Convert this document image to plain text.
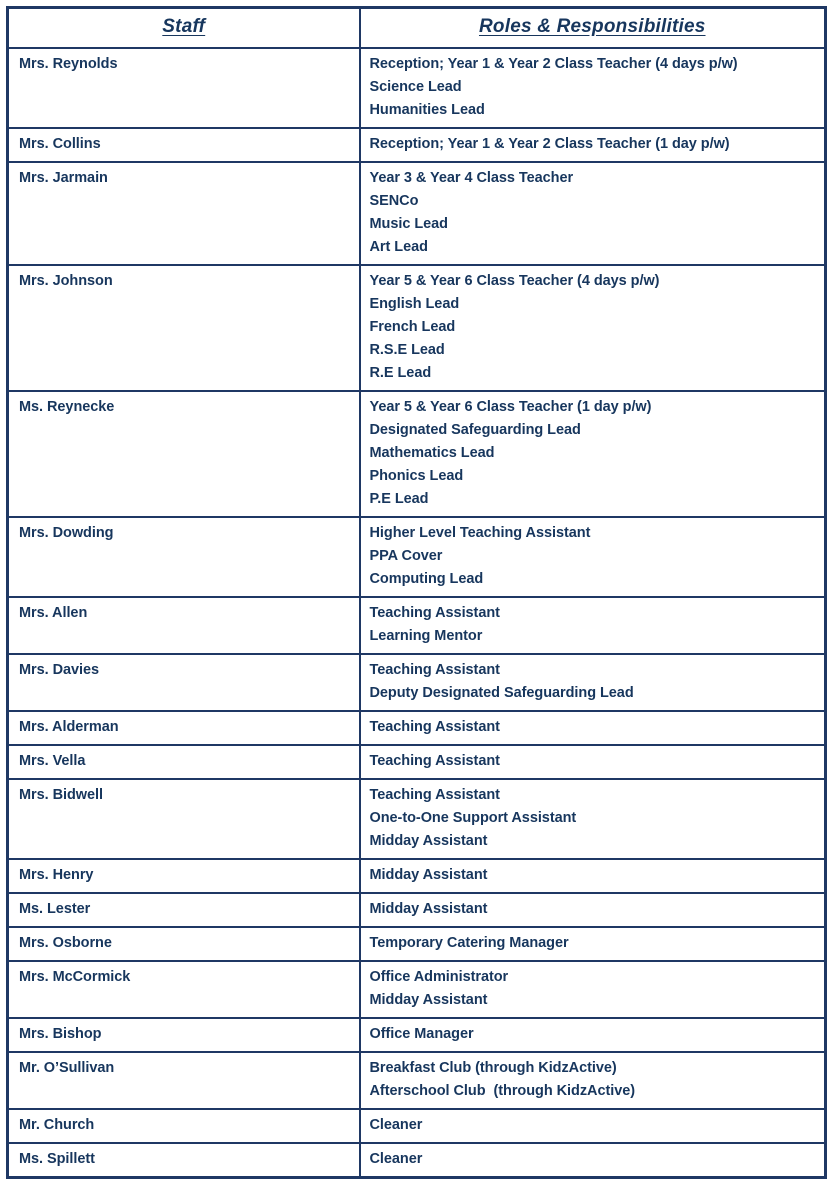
Staff	Roles & Responsibilities

Mrs. Reynolds	Reception; Year 1 & Year 2 Class Teacher (4 days p/w)
Science Lead
Humanities Lead

Mrs. Collins	Reception; Year 1 & Year 2 Class Teacher (1 day p/w)

Mrs. Jarmain	Year 3 & Year 4 Class Teacher
SENCo
Music Lead
Art Lead

Mrs. Johnson	Year 5 & Year 6 Class Teacher (4 days p/w)
English Lead
French Lead
R.S.E Lead
R.E Lead

Ms. Reynecke	Year 5 & Year 6 Class Teacher (1 day p/w)
Designated Safeguarding Lead
Mathematics Lead
Phonics Lead
P.E Lead

Mrs. Dowding	Higher Level Teaching Assistant
PPA Cover
Computing Lead

Mrs. Allen	Teaching Assistant
Learning Mentor

Mrs. Davies	Teaching Assistant
Deputy Designated Safeguarding Lead

Mrs. Alderman	Teaching Assistant

Mrs. Vella	Teaching Assistant

Mrs. Bidwell	Teaching Assistant
One-to-One Support Assistant
Midday Assistant

Mrs. Henry	Midday Assistant

Ms. Lester	Midday Assistant

Mrs. Osborne	Temporary Catering Manager

Mrs. McCormick	Office Administrator
Midday Assistant

Mrs. Bishop	Office Manager

Mr. O’Sullivan	Breakfast Club (through KidzActive)
Afterschool Club  (through KidzActive)

Mr. Church	Cleaner

Ms. Spillett	Cleaner
